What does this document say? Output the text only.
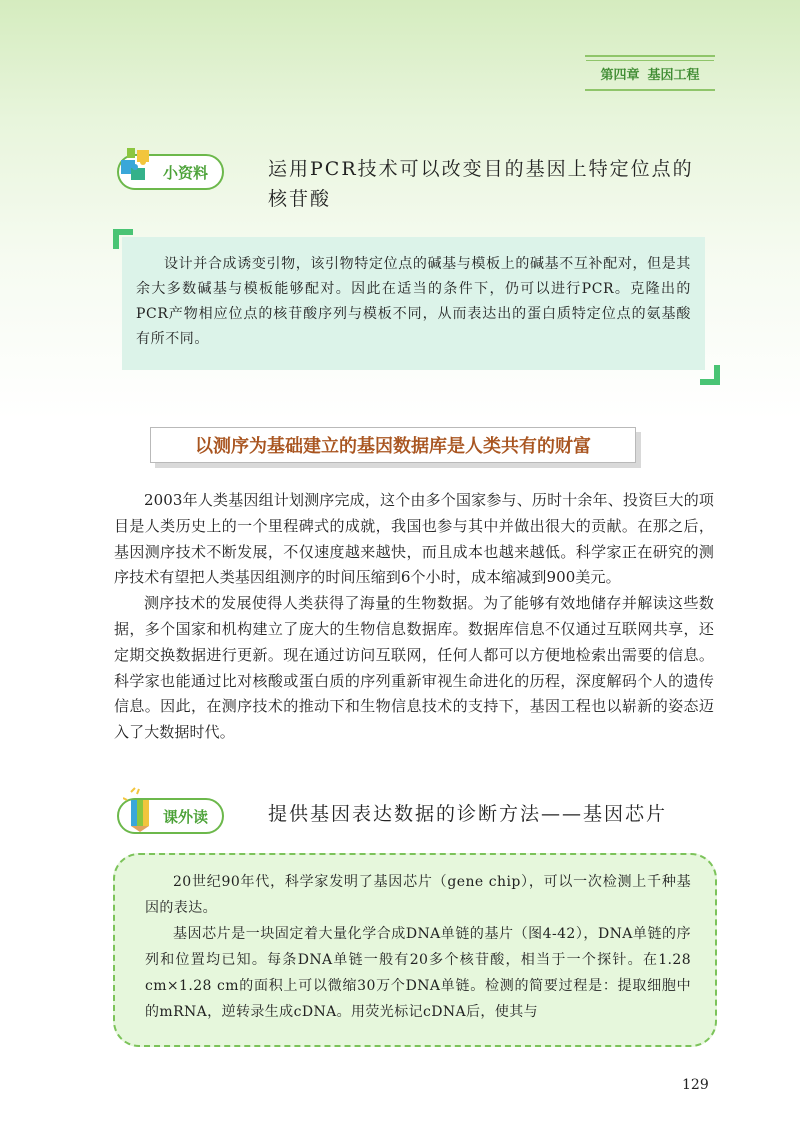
第四章 基因工程
小资料	运用PCR技术可以改变目的基因上特定位点的
核苷酸

设计并合成诱变引物，该引物特定位点的碱基与模板上的碱基不互补配对，但是其余大多数碱基与模板能够配对。因此在适当的条件下，仍可以进行PCR。克隆出的PCR产物相应位点的核苷酸序列与模板不同，从而表达出的蛋白质特定位点的氨基酸有所不同。

以测序为基础建立的基因数据库是人类共有的财富

2003年人类基因组计划测序完成，这个由多个国家参与、历时十余年、投资巨大的项目是人类历史上的一个里程碑式的成就，我国也参与其中并做出很大的贡献。在那之后，基因测序技术不断发展，不仅速度越来越快，而且成本也越来越低。科学家正在研究的测序技术有望把人类基因组测序的时间压缩到6个小时，成本缩减到900美元。

测序技术的发展使得人类获得了海量的生物数据。为了能够有效地储存并解读这些数据，多个国家和机构建立了庞大的生物信息数据库。数据库信息不仅通过互联网共享，还定期交换数据进行更新。现在通过访问互联网，任何人都可以方便地检索出需要的信息。科学家也能通过比对核酸或蛋白质的序列重新审视生命进化的历程，深度解码个人的遗传信息。因此，在测序技术的推动下和生物信息技术的支持下，基因工程也以崭新的姿态迈入了大数据时代。

课外读	提供基因表达数据的诊断方法——基因芯片

20世纪90年代，科学家发明了基因芯片（gene chip），可以一次检测上千种基因的表达。

基因芯片是一块固定着大量化学合成DNA单链的基片（图4-42），DNA单链的序列和位置均已知。每条DNA单链一般有20多个核苷酸，相当于一个探针。在1.28 cm×1.28 cm的面积上可以微缩30万个DNA单链。检测的简要过程是：提取细胞中的mRNA，逆转录生成cDNA。用荧光标记cDNA后，使其与

129
